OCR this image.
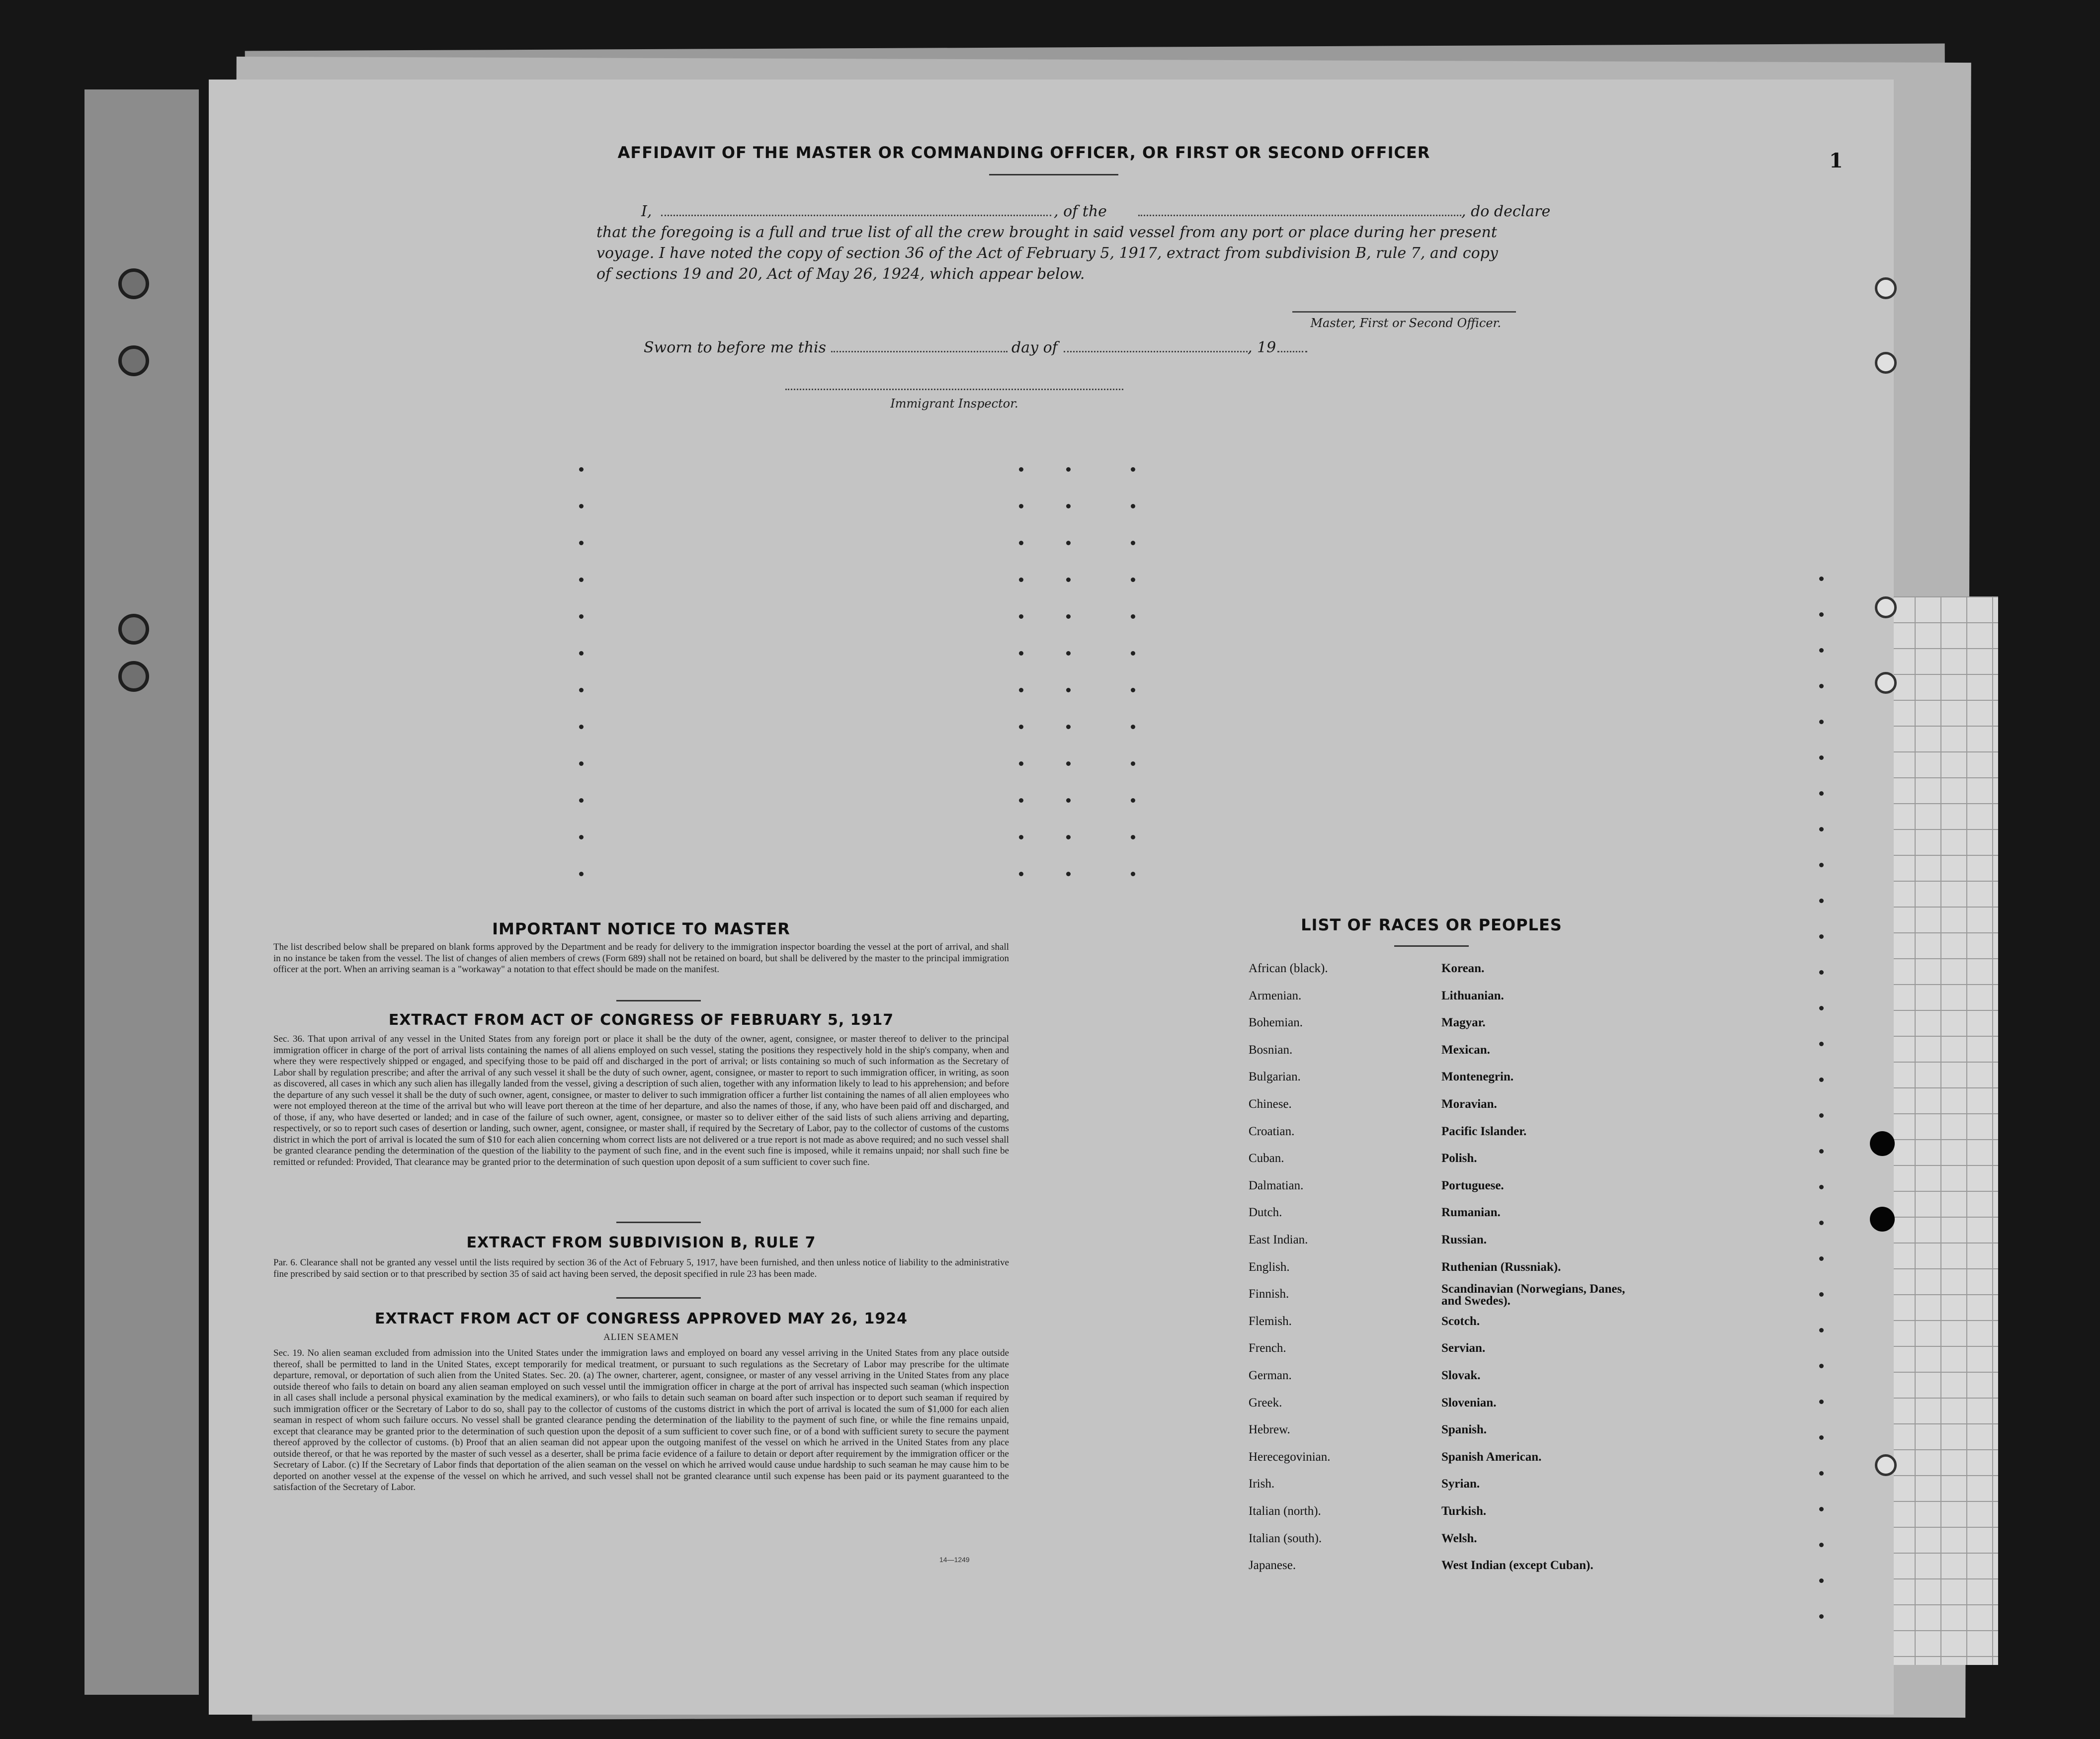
1
AFFIDAVIT OF THE MASTER OR COMMANDING OFFICER, OR FIRST OR SECOND OFFICER
I,	, of the	, do declare
that the foregoing is a full and true list of all the crew brought in said vessel from any port or place during her present
voyage. I have noted the copy of section 36 of the Act of February 5, 1917, extract from subdivision B, rule 7, and copy
of sections 19 and 20, Act of May 26, 1924, which appear below.
Master, First or Second Officer.
Sworn to before me this	day of	, 19
Immigrant Inspector.
IMPORTANT NOTICE TO MASTER
The list described below shall be prepared on blank forms approved by the Department and be ready for delivery to the immigration inspector boarding the vessel at the port of arrival, and shall in no instance be taken from the vessel. The list of changes of alien members of crews (Form 689) shall not be retained on board, but shall be delivered by the master to the principal immigration officer at the port. When an arriving seaman is a "workaway" a notation to that effect should be made on the manifest.
EXTRACT FROM ACT OF CONGRESS OF FEBRUARY 5, 1917
Sec. 36. That upon arrival of any vessel in the United States from any foreign port or place it shall be the duty of the owner, agent, consignee, or master thereof to deliver to the principal immigration officer in charge of the port of arrival lists containing the names of all aliens employed on such vessel, stating the positions they respectively hold in the ship's company, when and where they were respectively shipped or engaged, and specifying those to be paid off and discharged in the port of arrival; or lists containing so much of such information as the Secretary of Labor shall by regulation prescribe; and after the arrival of any such vessel it shall be the duty of such owner, agent, consignee, or master to report to such immigration officer, in writing, as soon as discovered, all cases in which any such alien has illegally landed from the vessel, giving a description of such alien, together with any information likely to lead to his apprehension; and before the departure of any such vessel it shall be the duty of such owner, agent, consignee, or master to deliver to such immigration officer a further list containing the names of all alien employees who were not employed thereon at the time of the arrival but who will leave port thereon at the time of her departure, and also the names of those, if any, who have been paid off and discharged, and of those, if any, who have deserted or landed; and in case of the failure of such owner, agent, consignee, or master so to deliver either of the said lists of such aliens arriving and departing, respectively, or so to report such cases of desertion or landing, such owner, agent, consignee, or master shall, if required by the Secretary of Labor, pay to the collector of customs of the customs district in which the port of arrival is located the sum of $10 for each alien concerning whom correct lists are not delivered or a true report is not made as above required; and no such vessel shall be granted clearance pending the determination of the question of the liability to the payment of such fine, and in the event such fine is imposed, while it remains unpaid; nor shall such fine be remitted or refunded: Provided, That clearance may be granted prior to the determination of such question upon deposit of a sum sufficient to cover such fine.
EXTRACT FROM SUBDIVISION B, RULE 7
Par. 6. Clearance shall not be granted any vessel until the lists required by section 36 of the Act of February 5, 1917, have been furnished, and then unless notice of liability to the administrative fine prescribed by said section or to that prescribed by section 35 of said act having been served, the deposit specified in rule 23 has been made.
EXTRACT FROM ACT OF CONGRESS APPROVED MAY 26, 1924
ALIEN SEAMEN
Sec. 19. No alien seaman excluded from admission into the United States under the immigration laws and employed on board any vessel arriving in the United States from any place outside thereof, shall be permitted to land in the United States, except temporarily for medical treatment, or pursuant to such regulations as the Secretary of Labor may prescribe for the ultimate departure, removal, or deportation of such alien from the United States. Sec. 20. (a) The owner, charterer, agent, consignee, or master of any vessel arriving in the United States from any place outside thereof who fails to detain on board any alien seaman employed on such vessel until the immigration officer in charge at the port of arrival has inspected such seaman (which inspection in all cases shall include a personal physical examination by the medical examiners), or who fails to detain such seaman on board after such inspection or to deport such seaman if required by such immigration officer or the Secretary of Labor to do so, shall pay to the collector of customs of the customs district in which the port of arrival is located the sum of $1,000 for each alien seaman in respect of whom such failure occurs. No vessel shall be granted clearance pending the determination of the liability to the payment of such fine, or while the fine remains unpaid, except that clearance may be granted prior to the determination of such question upon the deposit of a sum sufficient to cover such fine, or of a bond with sufficient surety to secure the payment thereof approved by the collector of customs. (b) Proof that an alien seaman did not appear upon the outgoing manifest of the vessel on which he arrived in the United States from any place outside thereof, or that he was reported by the master of such vessel as a deserter, shall be prima facie evidence of a failure to detain or deport after requirement by the immigration officer or the Secretary of Labor. (c) If the Secretary of Labor finds that deportation of the alien seaman on the vessel on which he arrived would cause undue hardship to such seaman he may cause him to be deported on another vessel at the expense of the vessel on which he arrived, and such vessel shall not be granted clearance until such expense has been paid or its payment guaranteed to the satisfaction of the Secretary of Labor.
14—1249
LIST OF RACES OR PEOPLES
African (black).
Armenian.
Bohemian.
Bosnian.
Bulgarian.
Chinese.
Croatian.
Cuban.
Dalmatian.
Dutch.
East Indian.
English.
Finnish.
Flemish.
French.
German.
Greek.
Hebrew.
Herecegovinian.
Irish.
Italian (north).
Italian (south).
Japanese.
Korean.
Lithuanian.
Magyar.
Mexican.
Montenegrin.
Moravian.
Pacific Islander.
Polish.
Portuguese.
Rumanian.
Russian.
Ruthenian (Russniak).
Scandinavian (Norwegians, Danes, and Swedes).
Scotch.
Servian.
Slovak.
Slovenian.
Spanish.
Spanish American.
Syrian.
Turkish.
Welsh.
West Indian (except Cuban).
